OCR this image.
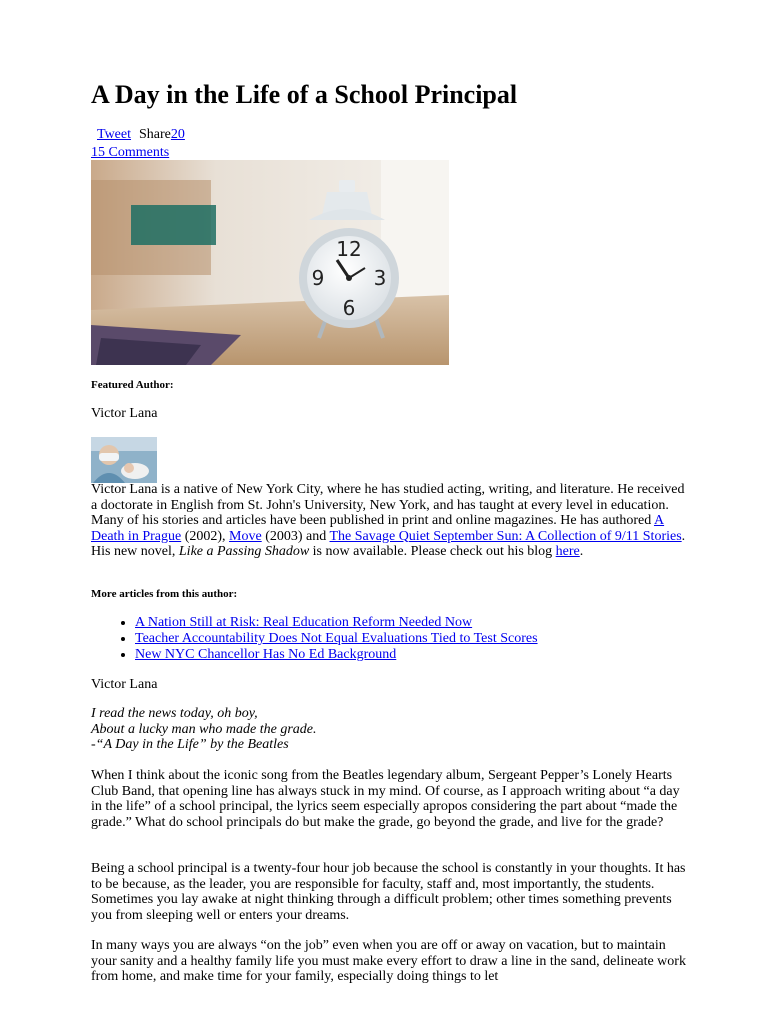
A Day in the Life of a School Principal
Tweet Share20
15 Comments
12
3
6
9
Featured Author:
Victor Lana
Victor Lana is a native of New York City, where he has studied acting, writing, and literature. He received a doctorate in English from St. John's University, New York, and has taught at every level in education. Many of his stories and articles have been published in print and online magazines. He has authored A Death in Prague (2002), Move (2003) and The Savage Quiet September Sun: A Collection of 9/11 Stories. His new novel, Like a Passing Shadow is now available. Please check out his blog here.
More articles from this author:
• A Nation Still at Risk: Real Education Reform Needed Now
• Teacher Accountability Does Not Equal Evaluations Tied to Test Scores
• New NYC Chancellor Has No Ed Background
Victor Lana
I read the news today, oh boy,
About a lucky man who made the grade.
-“A Day in the Life” by the Beatles
When I think about the iconic song from the Beatles legendary album, Sergeant Pepper’s Lonely Hearts Club Band, that opening line has always stuck in my mind. Of course, as I approach writing about “a day in the life” of a school principal, the lyrics seem especially apropos considering the part about “made the grade.” What do school principals do but make the grade, go beyond the grade, and live for the grade?
Being a school principal is a twenty-four hour job because the school is constantly in your thoughts. It has to be because, as the leader, you are responsible for faculty, staff and, most importantly, the students. Sometimes you lay awake at night thinking through a difficult problem; other times something prevents you from sleeping well or enters your dreams.
In many ways you are always “on the job” even when you are off or away on vacation, but to maintain your sanity and a healthy family life you must make every effort to draw a line in the sand, delineate work from home, and make time for your family, especially doing things to let
